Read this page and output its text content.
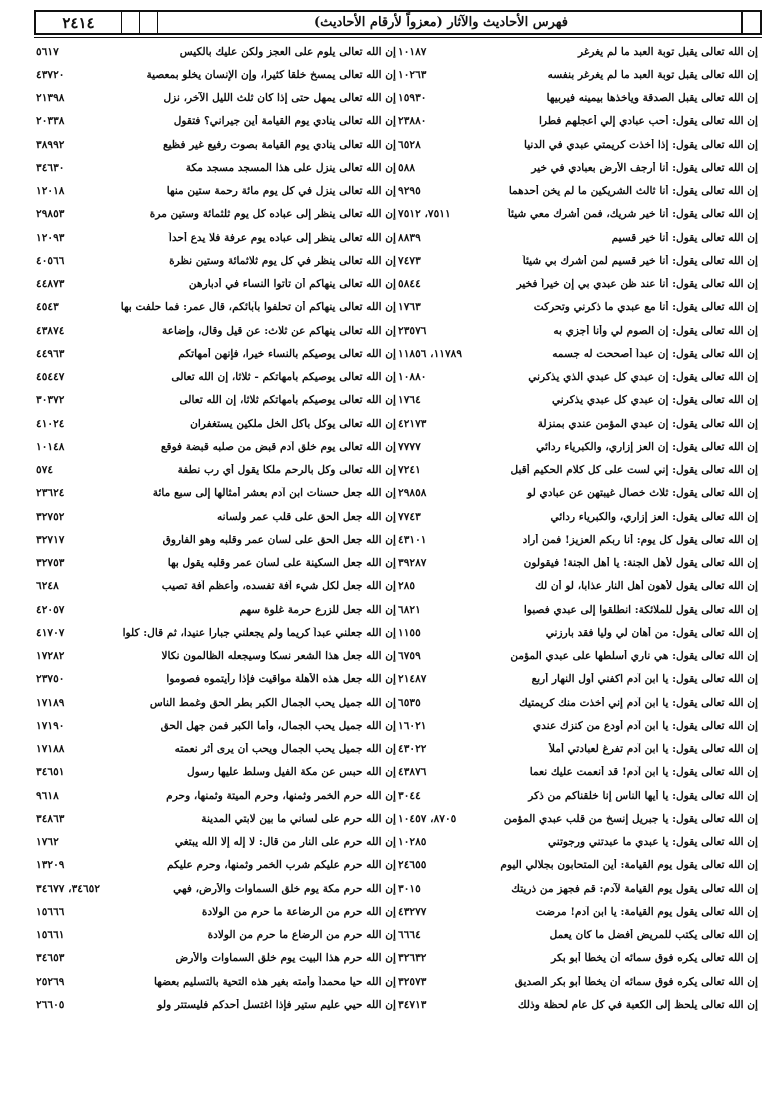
٢٤١٤	فهرس الأحاديث والآثار (معزواً لأرقام الأحاديث)
إن الله تعالى يقبل توبة العبد ما لم يغرغر
١٠١٨٧
إن الله تعالى يقبل توبة العبد ما لم يغرغر بنفسه
١٠٢٦٣
إن الله تعالى يقبل الصدقة ويأخذها بيمينه فيربيها
١٥٩٣٠
إن الله تعالى يقول: أحب عبادي إلي أعجلهم فطرا
٢٣٨٨٠
إن الله تعالى يقول: إذا أخذت كريمتي عبدي في الدنيا
٦٥٢٨
إن الله تعالى يقول: أنا أرجف الأرض بعبادي في خير
٥٨٨
إن الله تعالى يقول: أنا ثالث الشريكين ما لم يخن أحدهما
٩٢٩٥
إن الله تعالى يقول: أنا خير شريك، فمن أشرك معي شيئاً
٧٥١١، ٧٥١٢
إن الله تعالى يقول: أنا خير قسيم
٨٨٣٩
إن الله تعالى يقول: أنا خير قسيم لمن أشرك بي شيئاً
٧٤٧٣
إن الله تعالى يقول: أنا عند ظن عبدي بي إن خيراً فخير
٥٨٤٤
إن الله تعالى يقول: أنا مع عبدي ما ذكرني وتحركت
١٧٦٣
إن الله تعالى يقول: إن الصوم لي وأنا أجزي به
٢٣٥٧٦
إن الله تعالى يقول: إن عبداً أصححت له جسمه
١١٧٨٩، ١١٨٥٦
إن الله تعالى يقول: إن عبدي كل عبدي الذي يذكرني
١٠٨٨٠
إن الله تعالى يقول: إن عبدي كل عبدي يذكرني
١٧٦٤
إن الله تعالى يقول: إن عبدي المؤمن عندي بمنزلة
٤٢١٧٣
إن الله تعالى يقول: إن العز إزاري، والكبرياء ردائي
٧٧٧٧
إن الله تعالى يقول: إني لست على كل كلام الحكيم أقبل
٧٢٤١
إن الله تعالى يقول: ثلاث خصال غيبتهن عن عبادي لو
٢٩٨٥٨
إن الله تعالى يقول: العز إزاري، والكبرياء ردائي
٧٧٤٣
إن الله تعالى يقول كل يوم: أنا ربكم العزيز! فمن أراد
٤٣١٠١
إن الله تعالى يقول لأهل الجنة: يا أهل الجنة! فيقولون
٣٩٢٨٧
إن الله تعالى يقول لأهون أهل النار عذابا، لو أن لك
٢٨٥
إن الله تعالى يقول للملائكة: انطلقوا إلى عبدي فصبوا
٦٨٢١
إن الله تعالى يقول: من أهان لي وليا فقد بارزني
١١٥٥
إن الله تعالى يقول: هي ناري أسلطها على عبدي المؤمن
٦٧٥٩
إن الله تعالى يقول: يا ابن آدم اكفني أول النهار أربع
٢١٤٨٧
إن الله تعالى يقول: يا ابن آدم إني أخذت منك كريمتيك
٦٥٣٥
إن الله تعالى يقول: يا ابن آدم أودع من كنزك عندي
١٦٠٢١
إن الله تعالى يقول: يا ابن آدم تفرغ لعبادتي أملأ
٤٣٠٢٢
إن الله تعالى يقول: يا ابن آدم! قد أنعمت عليك نعما
٤٣٨٧٦
إن الله تعالى يقول: يا أيها الناس إنا خلقناكم من ذكر
٣٠٤٤
إن الله تعالى يقول: يا جبريل إنسخ من قلب عبدي المؤمن
٨٧٠٥، ١٠٤٥٧
إن الله تعالى يقول: يا عبدي ما عبدتني ورجوتني
١٠٢٨٥
إن الله تعالى يقول يوم القيامة: أين المتحابون بجلالي اليوم
٢٤٦٥٥
إن الله تعالى يقول يوم القيامة لآدم: قم فجهز من ذريتك
٣٠١٥
إن الله تعالى يقول يوم القيامة: يا ابن آدم! مرضت
٤٣٢٧٧
إن الله تعالى يكتب للمريض أفضل ما كان يعمل
٦٦٦٤
إن الله تعالى يكره فوق سمائه أن يخطأ أبو بكر
٣٢٦٣٢
إن الله تعالى يكره فوق سمائه أن يخطأ أبو بكر الصديق
٣٢٥٧٣
إن الله تعالى يلحظ إلى الكعبة في كل عام لحظة وذلك
٣٤٧١٣
إن الله تعالى يلوم على العجز ولكن عليك بالكيس
٥٦١٧
إن الله تعالى يمسخ خلقا كثيرا، وإن الإنسان يخلو بمعصية
٤٣٧٢٠
إن الله تعالى يمهل حتى إذا كان ثلث الليل الآخر، نزل
٢١٣٩٨
إن الله تعالى ينادي يوم القيامة أين جيراني؟ فتقول
٢٠٣٣٨
إن الله تعالى ينادي يوم القيامة بصوت رفيع غير فظيع
٣٨٩٩٢
إن الله تعالى ينزل على هذا المسجد مسجد مكة
٣٤٦٣٠
إن الله تعالى ينزل في كل يوم مائة رحمة ستين منها
١٢٠١٨
إن الله تعالى ينظر إلى عباده كل يوم ثلثمائة وستين مرة
٢٩٨٥٣
إن الله تعالى ينظر إلى عباده يوم عرفة فلا يدع أحداً
١٢٠٩٣
إن الله تعالى ينظر في كل يوم ثلاثمائة وستين نظرة
٤٠٥٦٦
إن الله تعالى ينهاكم أن تأتوا النساء في أدبارهن
٤٤٨٧٣
إن الله تعالى ينهاكم أن تحلفوا بآبائكم، قال عمر: فما حلفت بها
٤٥٤٣
إن الله تعالى ينهاكم عن ثلاث: عن قيل وقال، وإضاعة
٤٣٨٧٤
إن الله تعالى يوصيكم بالنساء خيرا، فإنهن أمهاتكم
٤٤٩٦٣
إن الله تعالى يوصيكم بأمهاتكم - ثلاثا، إن الله تعالى
٤٥٤٤٧
إن الله تعالى يوصيكم بأمهاتكم ثلاثا، إن الله تعالى
٣٠٣٧٢
إن الله تعالى يوكل بأكل الخل ملكين يستغفران
٤١٠٢٤
إن الله تعالى يوم خلق آدم قبض من صلبه قبضة فوقع
١٠١٤٨
إن الله تعالى وكل بالرحم ملكا يقول أي رب نطفة
٥٧٤
إن الله جعل حسنات ابن آدم بعشر أمثالها إلى سبع مائة
٢٣٦٢٤
إن الله جعل الحق على قلب عمر ولسانه
٣٢٧٥٢
إن الله جعل الحق على لسان عمر وقلبه وهو الفاروق
٣٢٧١٧
إن الله جعل السكينة على لسان عمر وقلبه يقول بها
٣٢٧٥٣
إن الله جعل لكل شيء آفة تفسده، وأعظم آفة تصيب
٦٢٤٨
إن الله جعل للزرع حرمة غلوة سهم
٤٢٠٥٧
إن الله جعلني عبداً كريما ولم يجعلني جبارا عنيدا، ثم قال: كلوا
٤١٧٠٧
إن الله جعل هذا الشعر نسكا وسيجعله الظالمون نكالا
١٧٢٨٢
إن الله جعل هذه الأهلة مواقيت فإذا رأيتموه فصوموا
٢٣٧٥٠
إن الله جميل يحب الجمال الكبر بطر الحق وغمط الناس
١٧١٨٩
إن الله جميل يحب الجمال، وأما الكبر فمن جهل الحق
١٧١٩٠
إن الله جميل يحب الجمال ويحب أن يرى أثر نعمته
١٧١٨٨
إن الله حبس عن مكة الفيل وسلط عليها رسول
٣٤٦٥١
إن الله حرم الخمر وثمنها، وحرم الميتة وثمنها، وحرم
٩٦١٨
إن الله حرم على لساني ما بين لابتي المدينة
٣٤٨٦٣
إن الله حرم على النار من قال: لا إله إلا الله يبتغي
١٧٦٢
إن الله حرم عليكم شرب الخمر وثمنها، وحرم عليكم
١٣٢٠٩
إن الله حرم مكة يوم خلق السماوات والأرض، فهي
٣٤٦٥٢، ٣٤٦٧٧
إن الله حرم من الرضاعة ما حرم من الولادة
١٥٦٦٦
إن الله حرم من الرضاع ما حرم من الولادة
١٥٦٦١
إن الله حرم هذا البيت يوم خلق السماوات والأرض
٣٤٦٥٣
إن الله حيا محمداً وأمته بغير هذه التحية بالتسليم بعضها
٢٥٢٦٩
إن الله حيي عليم ستير فإذا اغتسل أحدكم فليستتر ولو
٢٦٦٠٥
